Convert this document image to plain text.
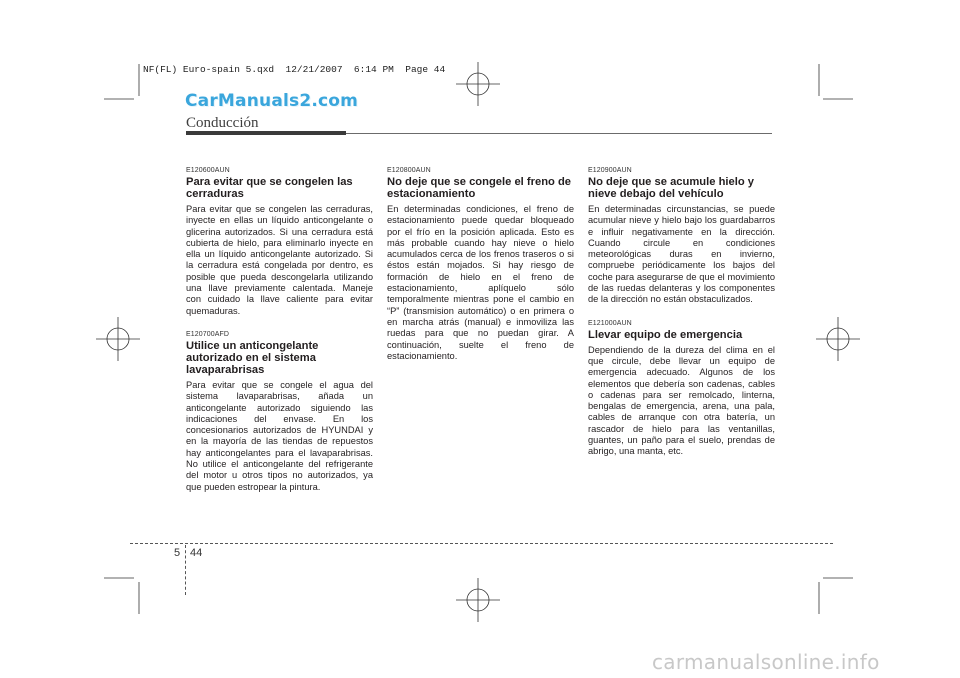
NF(FL) Euro-spain 5.qxd  12/21/2007  6:14 PM  Page 44
CarManuals2.com
Conducción
E120600AUN
Para evitar que se congelen las cerraduras
Para evitar que se congelen las cerraduras, inyecte en ellas un líquido anticongelante o glicerina autorizados. Si una cerradura está cubierta de hielo, para eliminarlo inyecte en ella un líquido anticongelante autorizado. Si la cerradura está congelada por dentro, es posible que pueda descongelarla utilizando una llave previamente calentada. Maneje con cuidado la llave caliente para evitar quemaduras.
E120700AFD
Utilice un anticongelante autorizado en el sistema lavaparabrisas
Para evitar que se congele el agua del sistema lavaparabrisas, añada un anticongelante autorizado siguiendo las indicaciones del envase. En los concesionarios autorizados de HYUNDAI y en la mayoría de las tiendas de repuestos hay anticongelantes para el lavaparabrisas. No utilice el anticongelante del refrigerante del motor u otros tipos no autorizados, ya que pueden estropear la pintura.
E120800AUN
No deje que se congele el freno de estacionamiento
En determinadas condiciones, el freno de estacionamiento puede quedar bloqueado por el frío en la posición aplicada. Esto es más probable cuando hay nieve o hielo acumulados cerca de los frenos traseros o si éstos están mojados. Si hay riesgo de formación de hielo en el freno de estacionamiento, aplíquelo sólo temporalmente mientras pone el cambio en “P” (transmision automático) o en primera o en marcha atrás (manual) e inmoviliza las ruedas para que no puedan girar. A continuación, suelte el freno de estacionamiento.
E120900AUN
No deje que se acumule hielo y nieve debajo del vehículo
En determinadas circunstancias, se puede acumular nieve y hielo bajo los guardabarros e influir negativamente en la dirección. Cuando circule en condiciones meteorológicas duras en invierno, compruebe periódicamente los bajos del coche para asegurarse de que el movimiento de las ruedas delanteras y los componentes de la dirección no están obstaculizados.
E121000AUN
Llevar equipo de emergencia
Dependiendo de la dureza del clima en el que circule, debe llevar un equipo de emergencia adecuado. Algunos de los elementos que debería son cadenas, cables o cadenas para ser remolcado, linterna, bengalas de emergencia, arena, una pala, cables de arranque con otra batería, un rascador de hielo para las ventanillas, guantes, un paño para el suelo, prendas de abrigo, una manta, etc.
5 44
carmanualsonline.info
